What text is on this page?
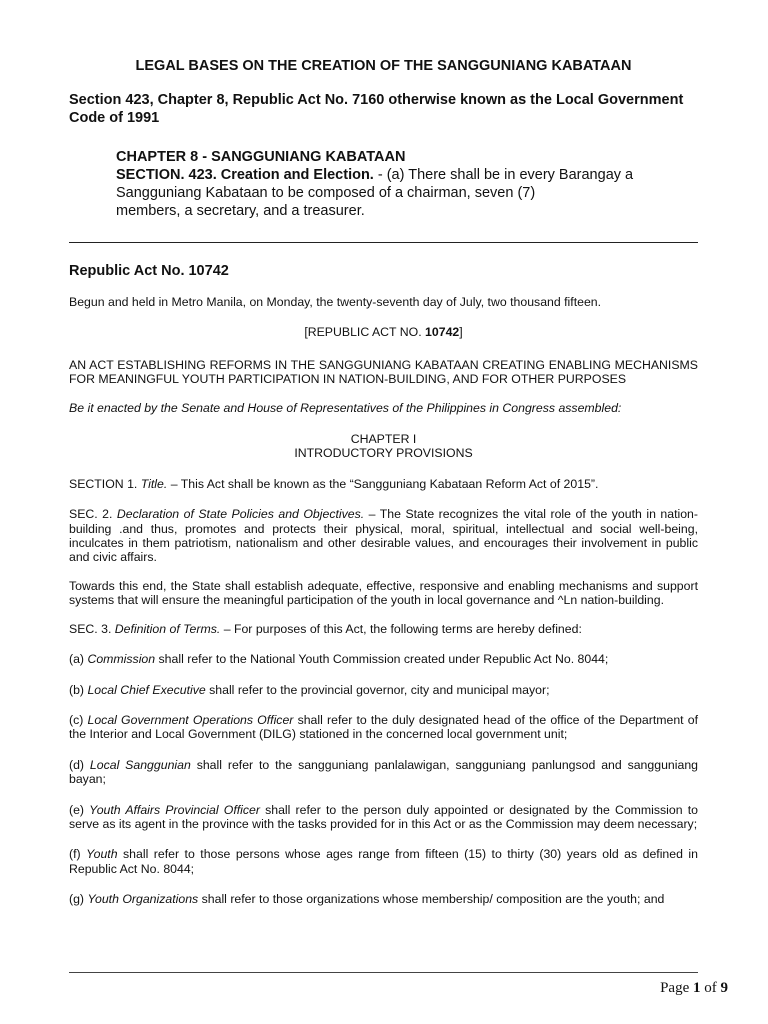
LEGAL BASES ON THE CREATION OF THE SANGGUNIANG KABATAAN
Section 423, Chapter 8, Republic Act No. 7160 otherwise known as the Local Government Code of 1991
CHAPTER 8 - SANGGUNIANG KABATAAN
SECTION. 423. Creation and Election. - (a) There shall be in every Barangay a
Sangguniang Kabataan to be composed of a chairman, seven (7)
members, a secretary, and a treasurer.
Republic Act No. 10742

Begun and held in Metro Manila, on Monday, the twenty-seventh day of July, two thousand fifteen.

[REPUBLIC ACT NO. 10742]

AN ACT ESTABLISHING REFORMS IN THE SANGGUNIANG KABATAAN CREATING ENABLING MECHANISMS FOR MEANINGFUL YOUTH PARTICIPATION IN NATION-BUILDING, AND FOR OTHER PURPOSES

Be it enacted by the Senate and House of Representatives of the Philippines in Congress assembled:

CHAPTER I

INTRODUCTORY PROVISIONS

SECTION 1. Title. – This Act shall be known as the “Sangguniang Kabataan Reform Act of 2015”.

SEC. 2. Declaration of State Policies and Objectives. – The State recognizes the vital role of the youth in nation-building .and thus, promotes and protects their physical, moral, spiritual, intellectual and social well-being, inculcates in them patriotism, nationalism and other desirable values, and encourages their involvement in public and civic affairs.

Towards this end, the State shall establish adequate, effective, responsive and enabling mechanisms and support systems that will ensure the meaningful participation of the youth in local governance and ^Ln nation-building.

SEC. 3. Definition of Terms. – For purposes of this Act, the following terms are hereby defined:

(a) Commission shall refer to the National Youth Commission created under Republic Act No. 8044;

(b) Local Chief Executive shall refer to the provincial governor, city and municipal mayor;

(c) Local Government Operations Officer shall refer to the duly designated head of the office of the Department of the Interior and Local Government (DILG) stationed in the concerned local government unit;

(d) Local Sanggunian shall refer to the sangguniang panlalawigan, sangguniang panlungsod and sangguniang bayan;

(e) Youth Affairs Provincial Officer shall refer to the person duly appointed or designated by the Commission to serve as its agent in the province with the tasks provided for in this Act or as the Commission may deem necessary;

(f) Youth shall refer to those persons whose ages range from fifteen (15) to thirty (30) years old as defined in Republic Act No. 8044;

(g) Youth Organizations shall refer to those organizations whose membership/ composition are the youth; and

Page 1 of 9
